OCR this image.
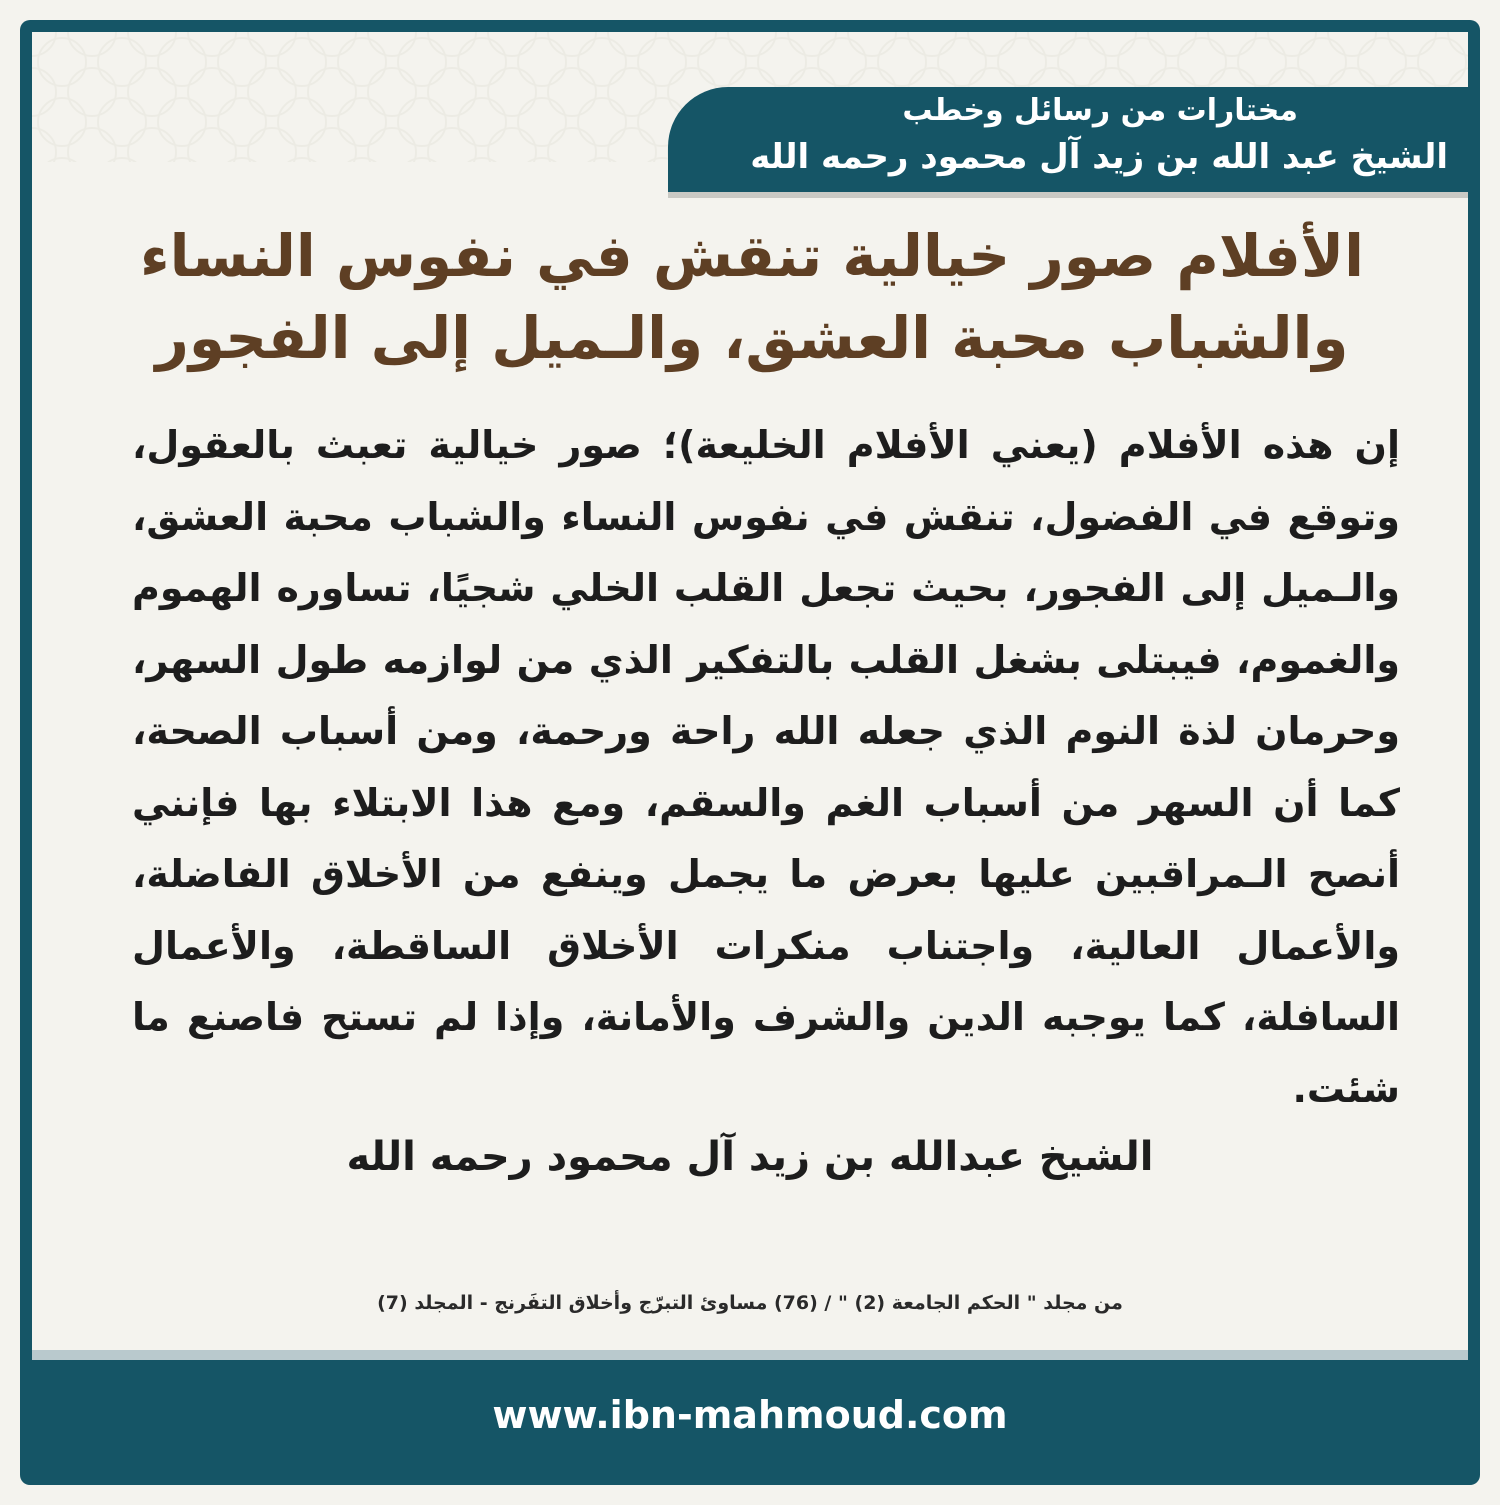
مختارات من رسائل وخطب
الشيخ عبد الله بن زيد آل محمود رحمه الله
الأفلام صور خيالية تنقش في نفوس النساء
والشباب محبة العشق، والـميل إلى الفجور
إن هذه الأفلام (يعني الأفلام الخليعة)؛ صور خيالية تعبث بالعقول، وتوقع في الفضول، تنقش في نفوس النساء والشباب محبة العشق، والـميل إلى الفجور، بحيث تجعل القلب الخلي شجيًا، تساوره الهموم والغموم، فيبتلى بشغل القلب بالتفكير الذي من لوازمه طول السهر، وحرمان لذة النوم الذي جعله الله راحة ورحمة، ومن أسباب الصحة، كما أن السهر من أسباب الغم والسقم، ومع هذا الابتلاء بها فإنني أنصح الـمراقبين عليها بعرض ما يجمل وينفع من الأخلاق الفاضلة، والأعمال العالية، واجتناب منكرات الأخلاق الساقطة، والأعمال السافلة، كما يوجبه الدين والشرف والأمانة، وإذا لم تستح فاصنع ما شئت.
الشيخ عبدالله بن زيد آل محمود رحمه الله
من مجلد " الحكم الجامعة (2) " / (76) مساوئ التبرّج وأخلاق التفَرنج - المجلد (7)
www.ibn-mahmoud.com
